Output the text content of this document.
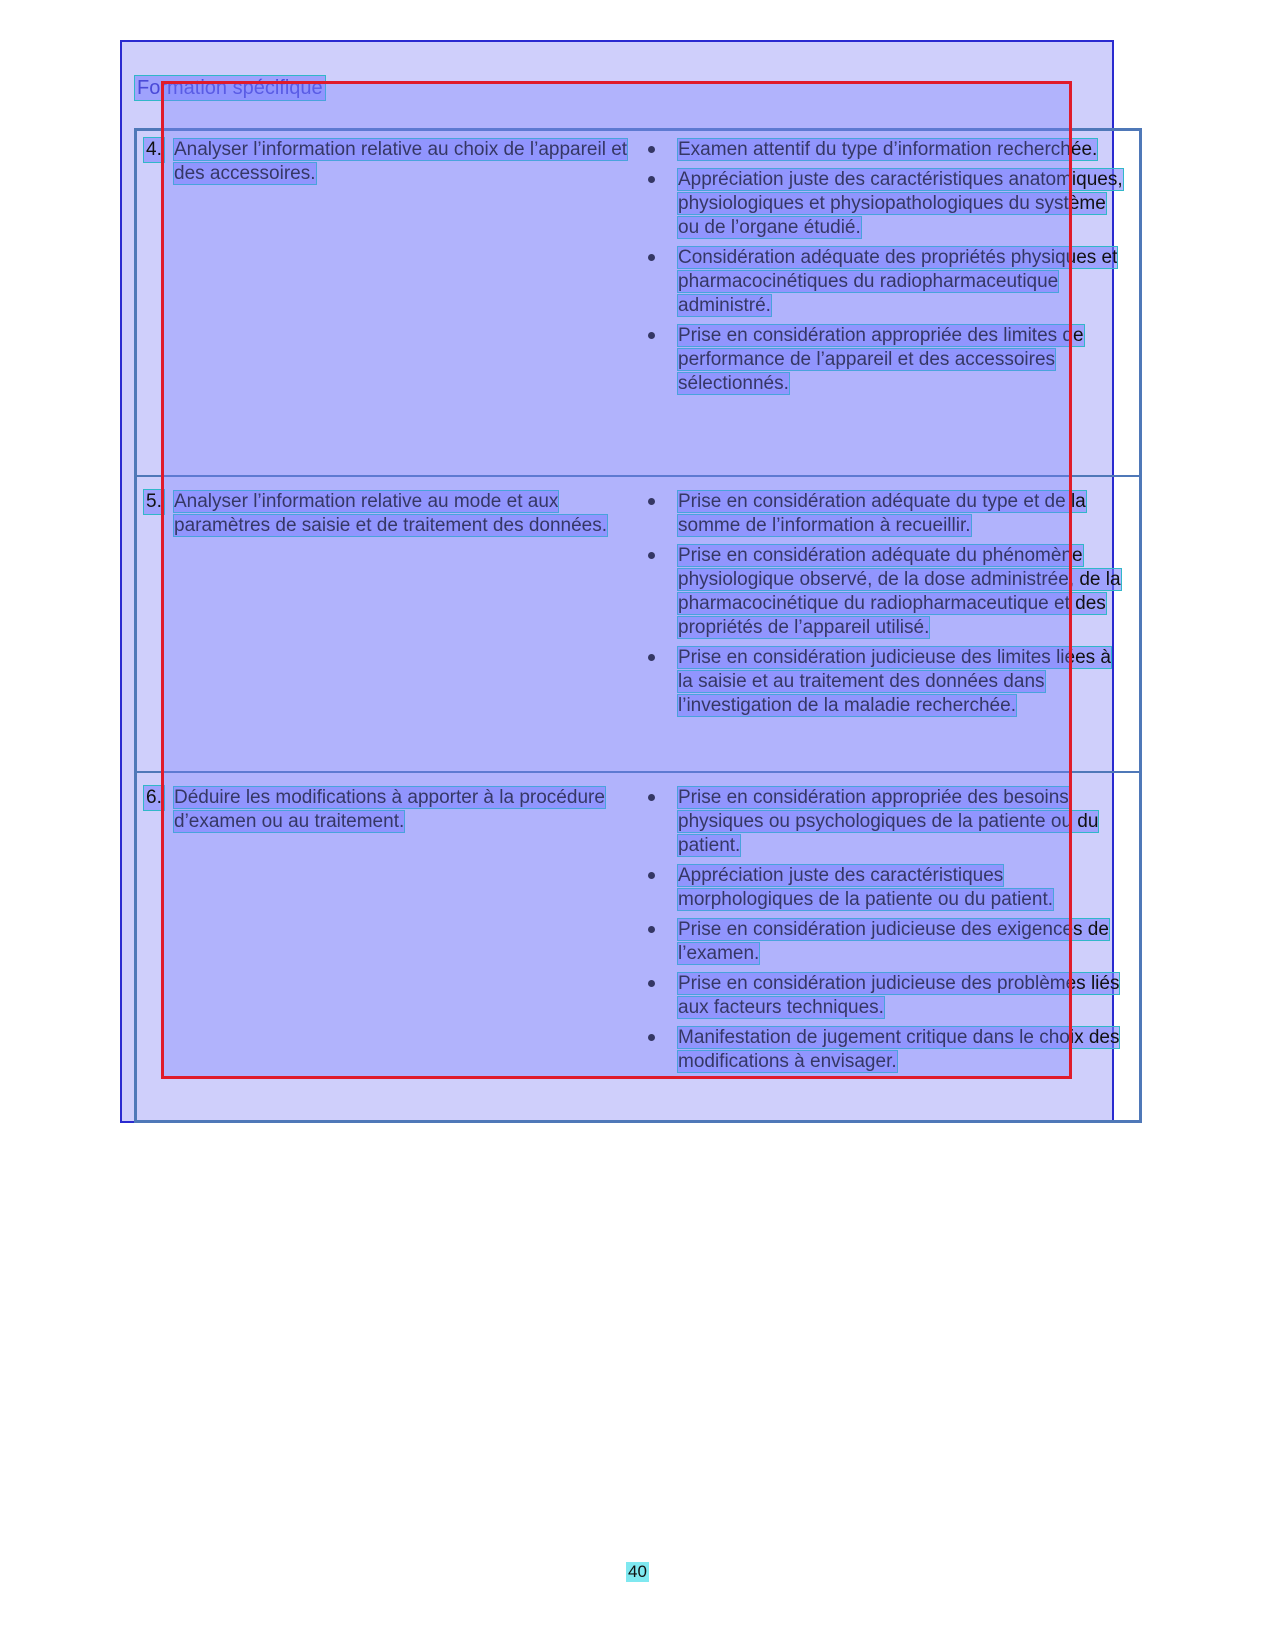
Formation spécifique
4. Analyser l’information relative au choix de l’appareil et des accessoires.
Examen attentif du type d’information recherchée.
Appréciation juste des caractéristiques anatomiques, physiologiques et physiopathologiques du système ou de l’organe étudié.
Considération adéquate des propriétés physiques et pharmacocinétiques du radiopharmaceutique administré.
Prise en considération appropriée des limites de performance de l’appareil et des accessoires sélectionnés.
5. Analyser l’information relative au mode et aux paramètres de saisie et de traitement des données.
Prise en considération adéquate du type et de la somme de l’information à recueillir.
Prise en considération adéquate du phénomène physiologique observé, de la dose administrée, de la pharmacocinétique du radiopharmaceutique et des propriétés de l’appareil utilisé.
Prise en considération judicieuse des limites liées à la saisie et au traitement des données dans l’investigation de la maladie recherchée.
6. Déduire les modifications à apporter à la procédure d’examen ou au traitement.
Prise en considération appropriée des besoins physiques ou psychologiques de la patiente ou du patient.
Appréciation juste des caractéristiques morphologiques de la patiente ou du patient.
Prise en considération judicieuse des exigences de l’examen.
Prise en considération judicieuse des problèmes liés aux facteurs techniques.
Manifestation de jugement critique dans le choix des modifications à envisager.
40
